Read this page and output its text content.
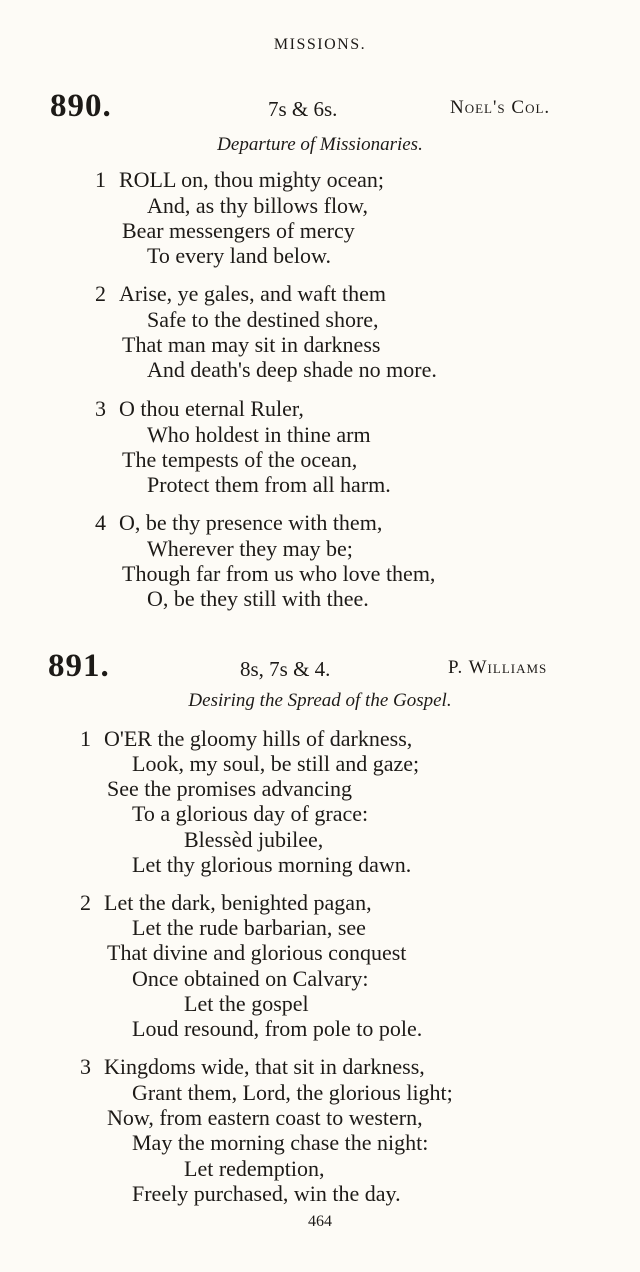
MISSIONS.
890.	7s & 6s.	Noel's Col.
Departure of Missionaries.
1 ROLL on, thou mighty ocean;
And, as thy billows flow,
Bear messengers of mercy
To every land below.
2 Arise, ye gales, and waft them
Safe to the destined shore,
That man may sit in darkness
And death's deep shade no more.
3 O thou eternal Ruler,
Who holdest in thine arm
The tempests of the ocean,
Protect them from all harm.
4 O, be thy presence with them,
Wherever they may be;
Though far from us who love them,
O, be they still with thee.
891.	8s, 7s & 4.	P. Williams
Desiring the Spread of the Gospel.
1 O'ER the gloomy hills of darkness,
Look, my soul, be still and gaze;
See the promises advancing
To a glorious day of grace:
Blessèd jubilee,
Let thy glorious morning dawn.
2 Let the dark, benighted pagan,
Let the rude barbarian, see
That divine and glorious conquest
Once obtained on Calvary:
Let the gospel
Loud resound, from pole to pole.
3 Kingdoms wide, that sit in darkness,
Grant them, Lord, the glorious light;
Now, from eastern coast to western,
May the morning chase the night:
Let redemption,
Freely purchased, win the day.
464
